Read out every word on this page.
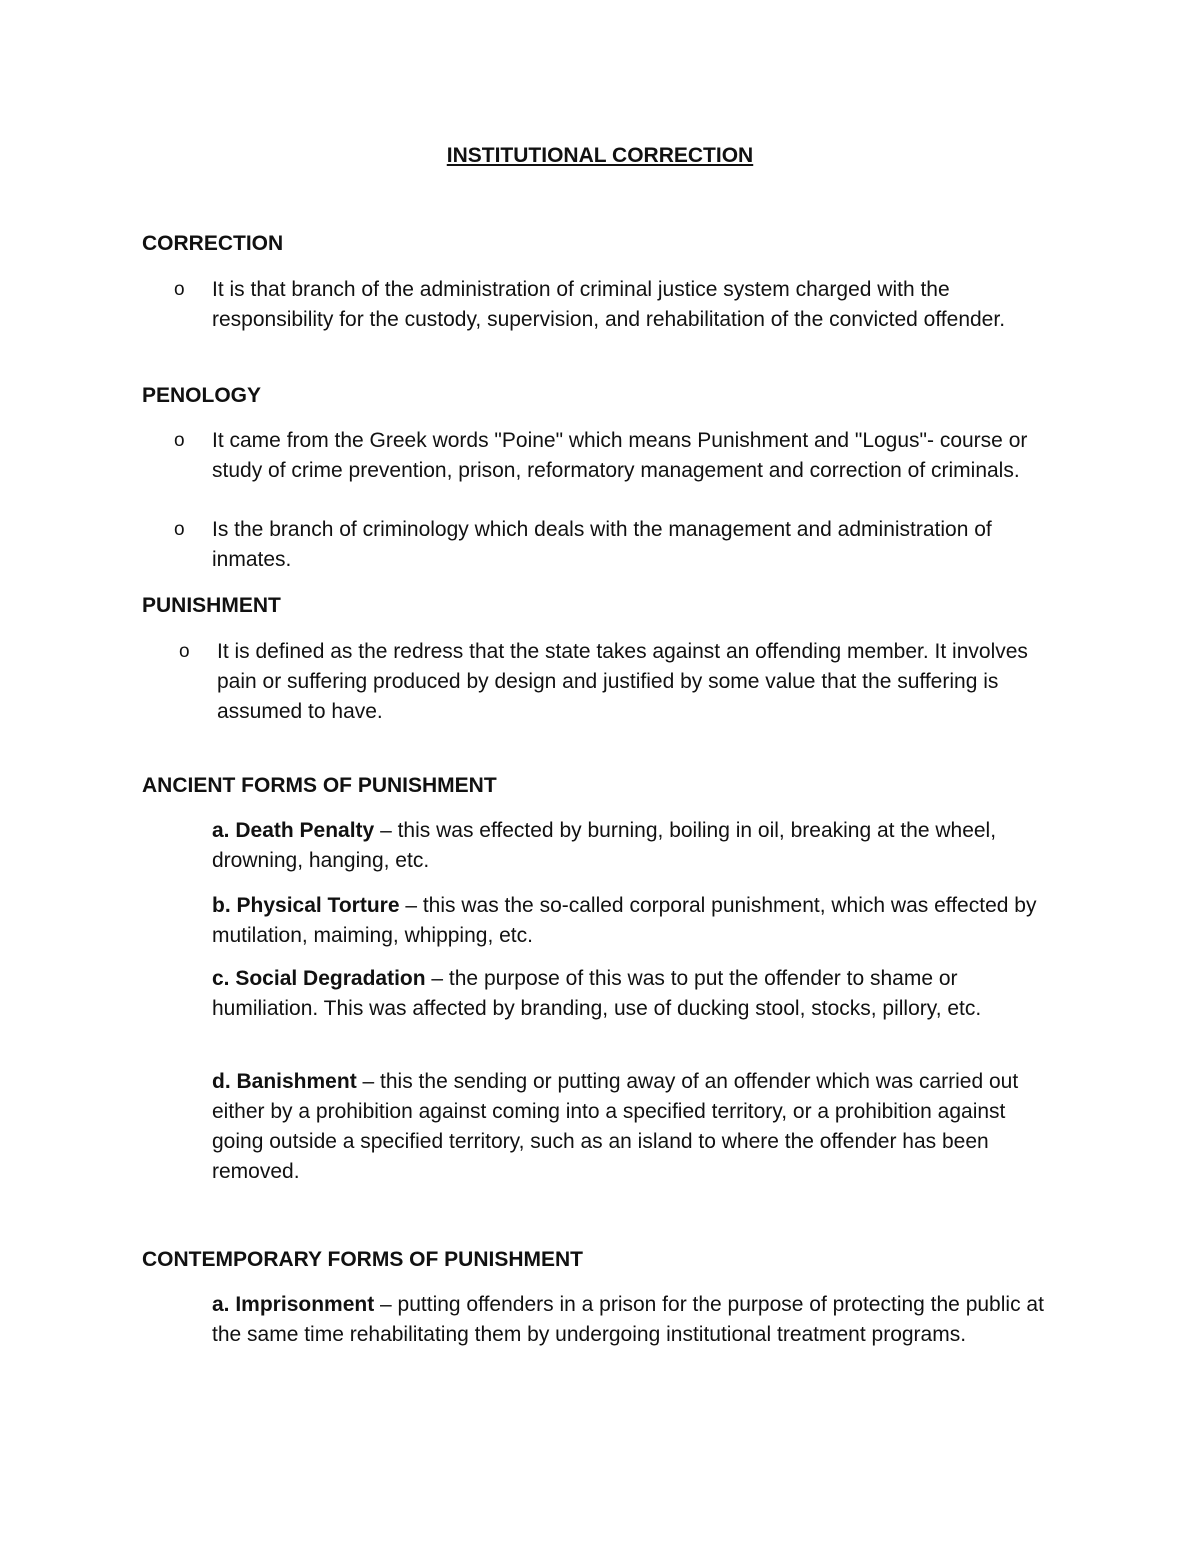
INSTITUTIONAL CORRECTION
CORRECTION
o It is that branch of the administration of criminal justice system charged with the responsibility for the custody, supervision, and rehabilitation of the convicted offender.
PENOLOGY
o It came from the Greek words "Poine" which means Punishment and "Logus"- course or study of crime prevention, prison, reformatory management and correction of criminals.
o Is the branch of criminology which deals with the management and administration of inmates.
PUNISHMENT
o It is defined as the redress that the state takes against an offending member. It involves pain or suffering produced by design and justified by some value that the suffering is assumed to have.
ANCIENT FORMS OF PUNISHMENT
a. Death Penalty – this was effected by burning, boiling in oil, breaking at the wheel, drowning, hanging, etc.
b. Physical Torture – this was the so-called corporal punishment, which was effected by mutilation, maiming, whipping, etc.
c. Social Degradation – the purpose of this was to put the offender to shame or humiliation. This was affected by branding, use of ducking stool, stocks, pillory, etc.
d. Banishment – this the sending or putting away of an offender which was carried out either by a prohibition against coming into a specified territory, or a prohibition against going outside a specified territory, such as an island to where the offender has been removed.
CONTEMPORARY FORMS OF PUNISHMENT
a. Imprisonment – putting offenders in a prison for the purpose of protecting the public at the same time rehabilitating them by undergoing institutional treatment programs.
